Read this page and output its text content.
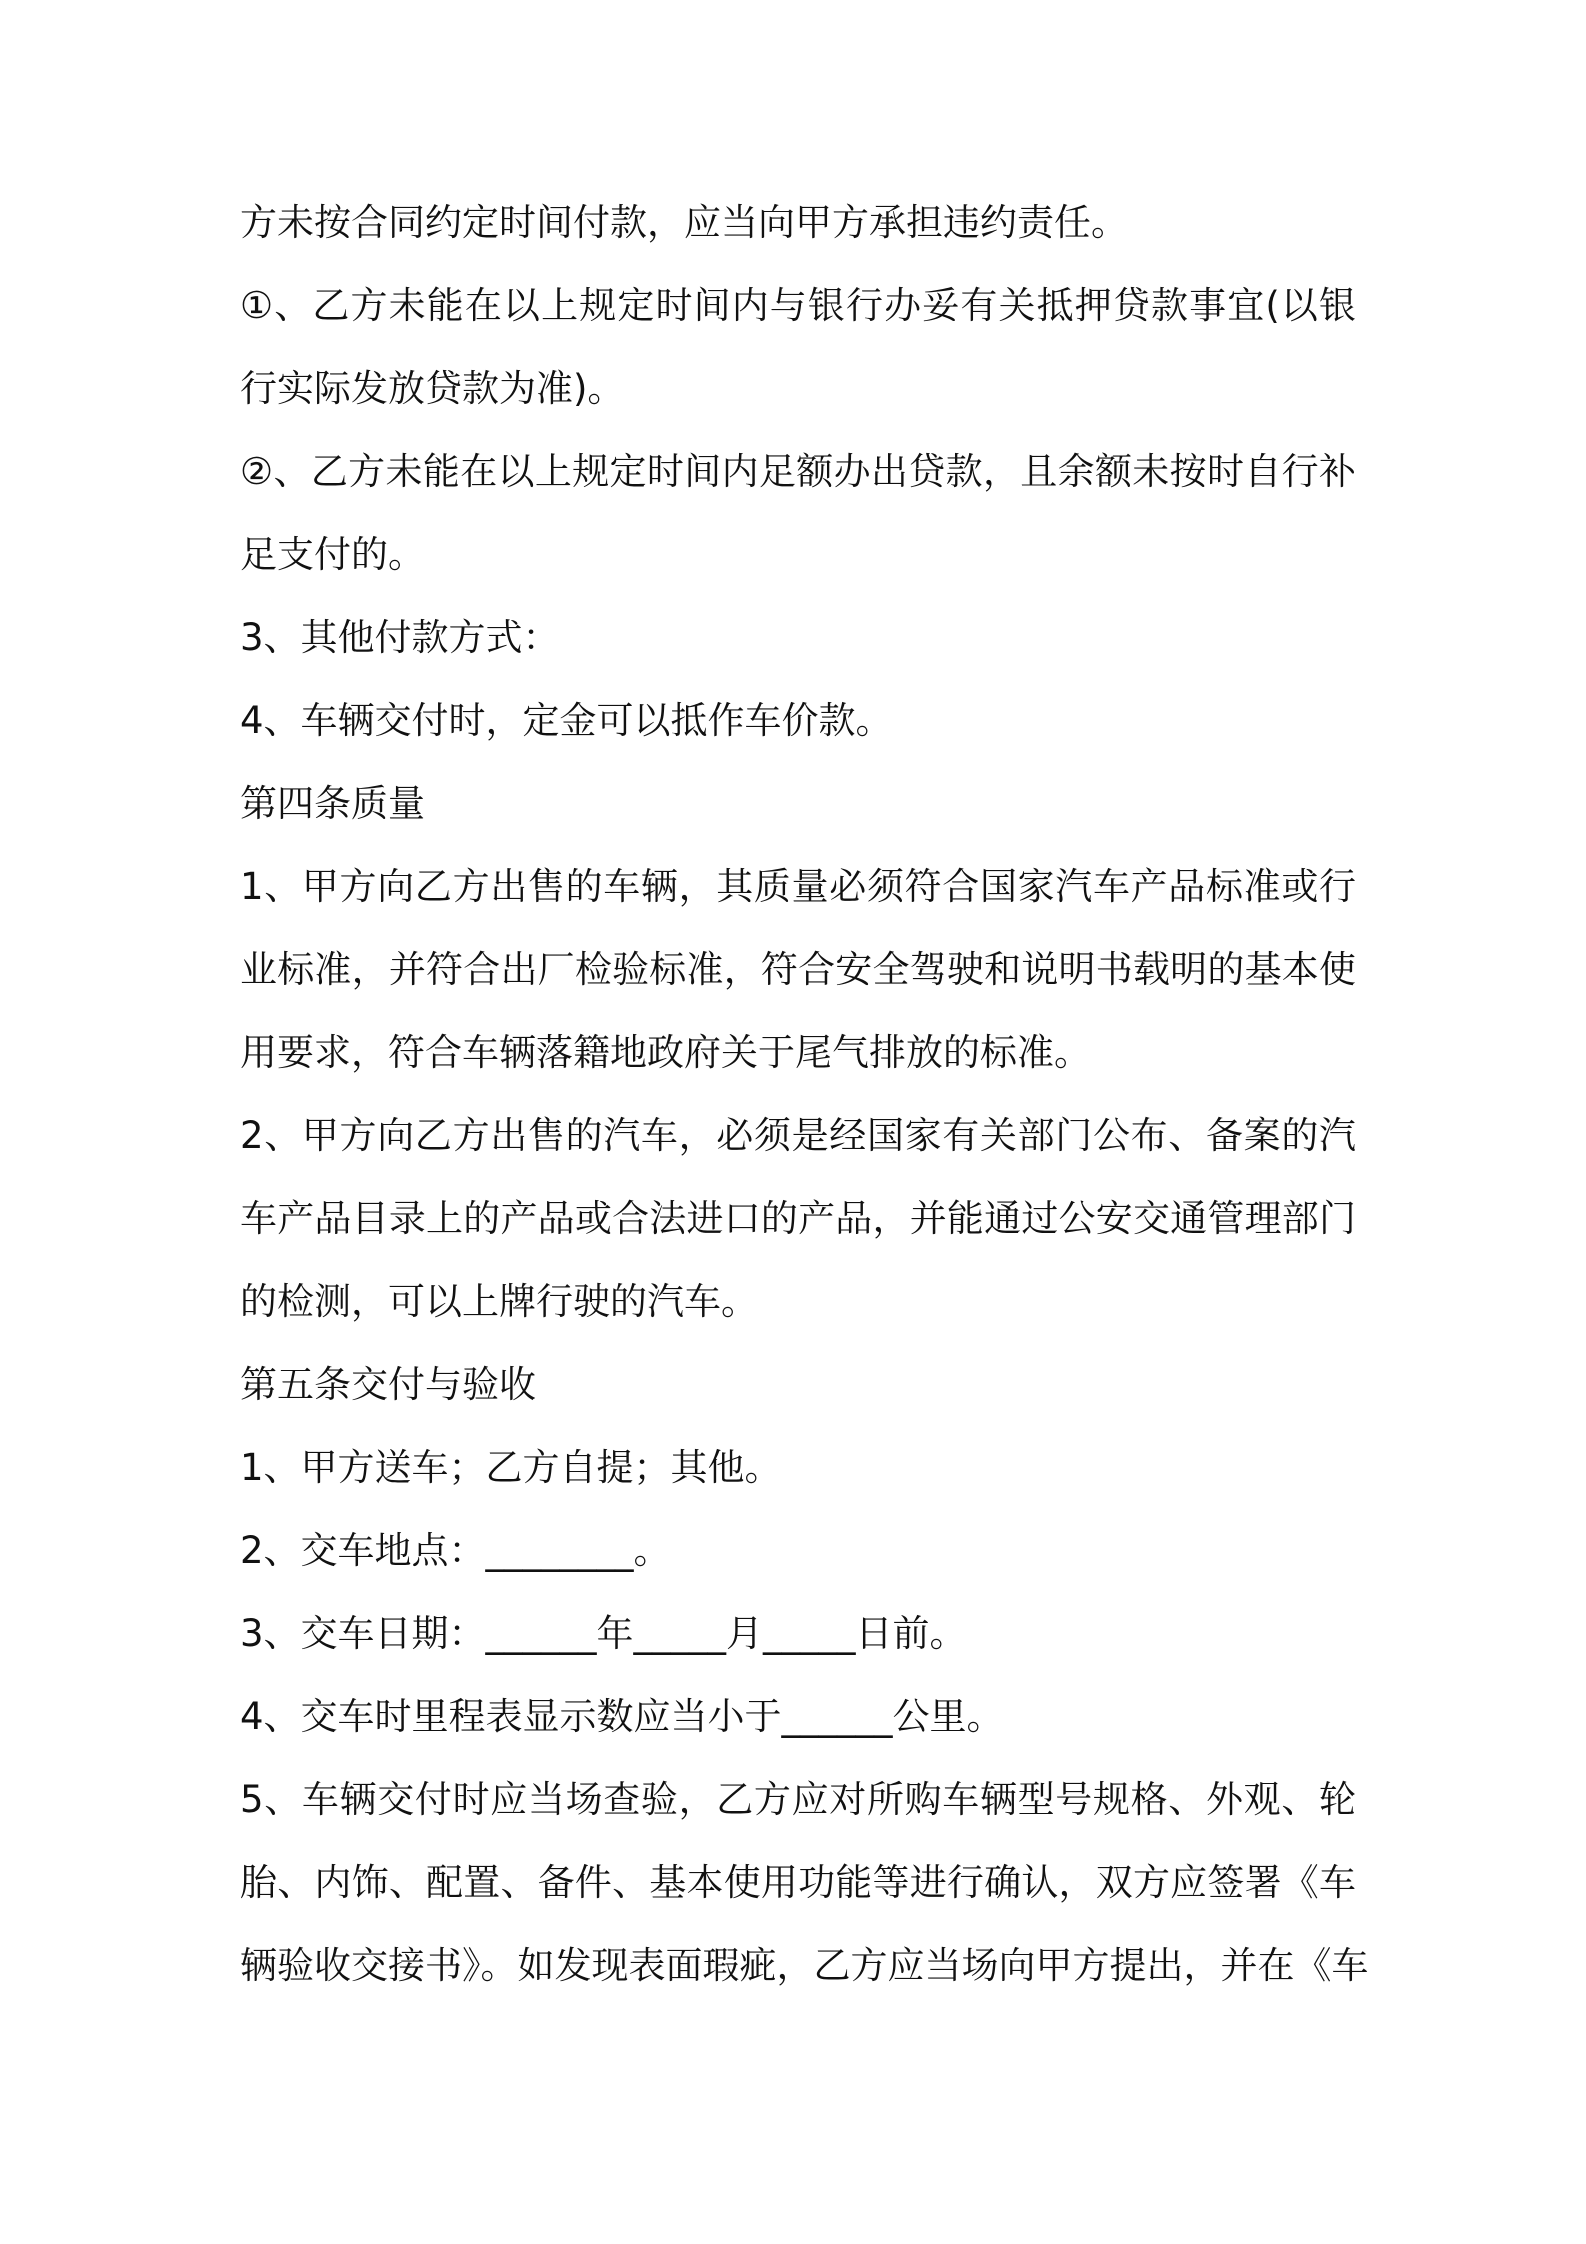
方未按合同约定时间付款，应当向甲方承担违约责任。
①、乙方未能在以上规定时间内与银行办妥有关抵押贷款事宜(以银
行实际发放贷款为准)。
②、乙方未能在以上规定时间内足额办出贷款，且余额未按时自行补
足支付的。
3、其他付款方式：
4、车辆交付时，定金可以抵作车价款。
第四条质量
1、甲方向乙方出售的车辆，其质量必须符合国家汽车产品标准或行
业标准，并符合出厂检验标准，符合安全驾驶和说明书载明的基本使
用要求，符合车辆落籍地政府关于尾气排放的标准。
2、甲方向乙方出售的汽车，必须是经国家有关部门公布、备案的汽
车产品目录上的产品或合法进口的产品，并能通过公安交通管理部门
的检测，可以上牌行驶的汽车。
第五条交付与验收
1、甲方送车；乙方自提；其他。
2、交车地点：________。
3、交车日期：______年_____月_____日前。
4、交车时里程表显示数应当小于______公里。
5、车辆交付时应当场查验，乙方应对所购车辆型号规格、外观、轮
胎、内饰、配置、备件、基本使用功能等进行确认，双方应签署《车
辆验收交接书》。如发现表面瑕疵，乙方应当场向甲方提出，并在《车
